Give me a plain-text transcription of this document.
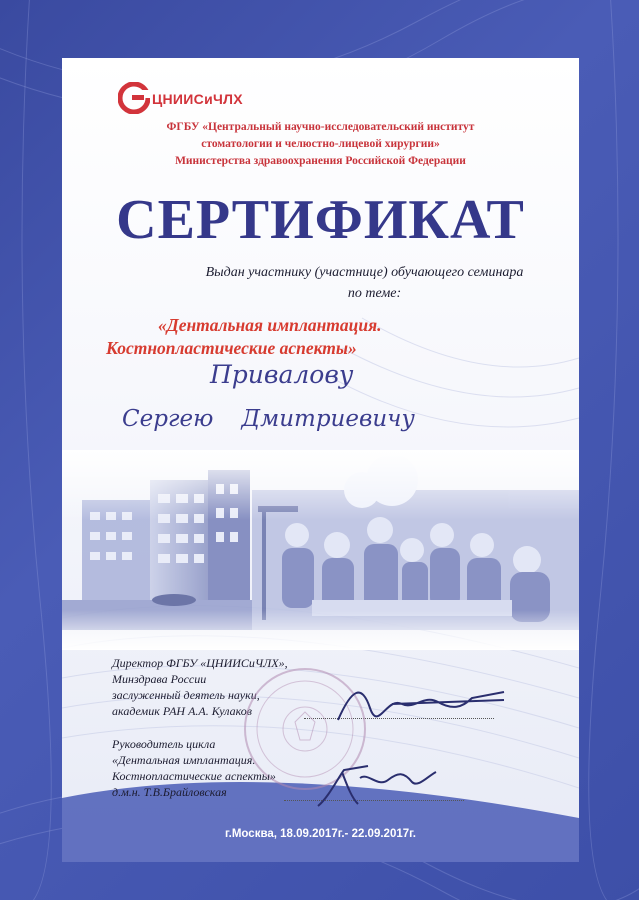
ЦНИИСиЧЛХ
ФГБУ «Центральный научно-исследовательский институт
стоматологии и челюстно-лицевой хирургии»
Министерства здравоохранения Российской Федерации
СЕРТИФИКАТ
Выдан участнику (участнице) обучающего семинара
по теме:
«Дентальная имплантация.
Костнопластические аспекты»
Привалову
Сергею Дмитриевичу
Директор ФГБУ «ЦНИИСиЧЛХ»,
Минздрава России
заслуженный деятель науки,
академик РАН А.А. Кулаков
Руководитель цикла
«Дентальная имплантация.
Костнопластические аспекты»
д.м.н. Т.В.Брайловская
г.Москва, 18.09.2017г.- 22.09.2017г.
